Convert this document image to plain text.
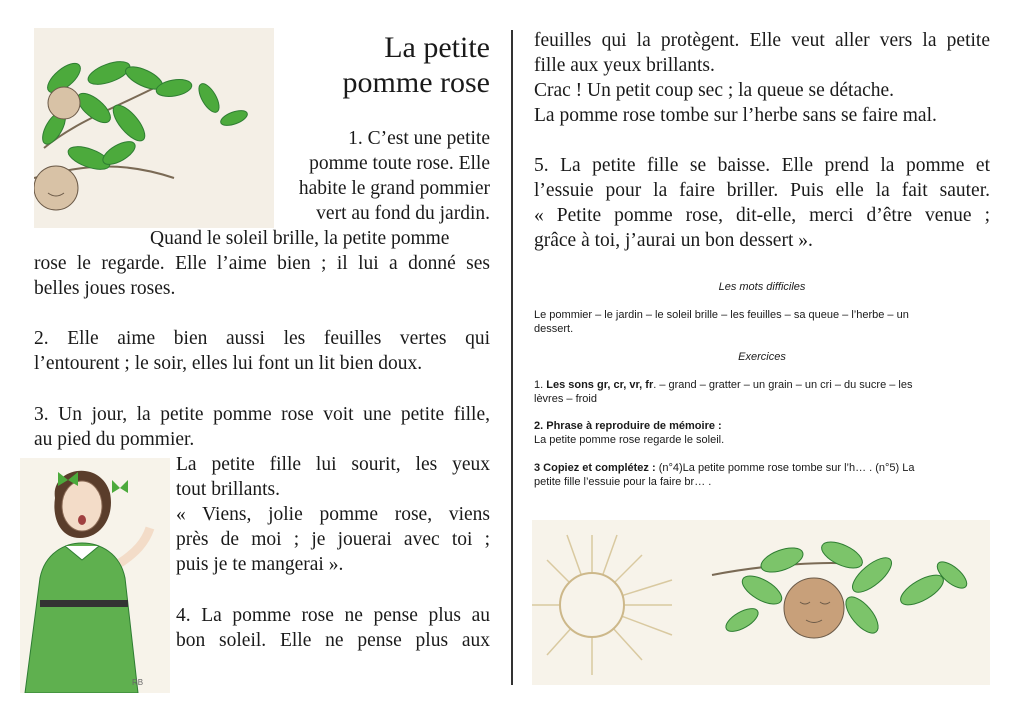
La petite
pomme rose
1. C’est une petite
pomme toute rose. Elle
habite le grand pommier
vert au fond du jardin.
Quand le soleil brille, la petite pomme
rose le regarde. Elle l’aime bien ; il lui a donné ses
belles joues roses.
2. Elle aime bien aussi les feuilles vertes qui
l’entourent ; le soir, elles lui font un lit bien doux.
3. Un jour, la petite pomme rose voit une petite fille,
au pied du pommier.
La petite fille lui sourit, les yeux
tout brillants.
« Viens, jolie pomme rose, viens
près de moi ; je jouerai avec toi ;
puis je te mangerai ».
4. La pomme rose ne pense plus au
bon soleil. Elle ne pense plus aux
RB
feuilles qui la protègent. Elle veut aller vers la petite
fille aux yeux brillants.
Crac ! Un petit coup sec ; la queue se détache.
La pomme rose tombe sur l’herbe sans se faire mal.
5. La petite fille se baisse. Elle prend la pomme et
l’essuie pour la faire briller. Puis elle la fait sauter.
« Petite pomme rose, dit-elle, merci d’être venue ;
grâce à toi, j’aurai un bon dessert ».
Les mots difficiles
Le pommier – le jardin – le soleil brille – les feuilles – sa queue – l’herbe – un
dessert.
Exercices
1. Les sons gr, cr, vr, fr. – grand – gratter – un grain – un cri – du sucre – les
lèvres – froid
2. Phrase à reproduire de mémoire :
La petite pomme rose regarde le soleil.
3 Copiez et complétez : (n°4)La petite pomme rose tombe sur l’h… . (n°5) La
petite fille l’essuie pour la faire br… .
